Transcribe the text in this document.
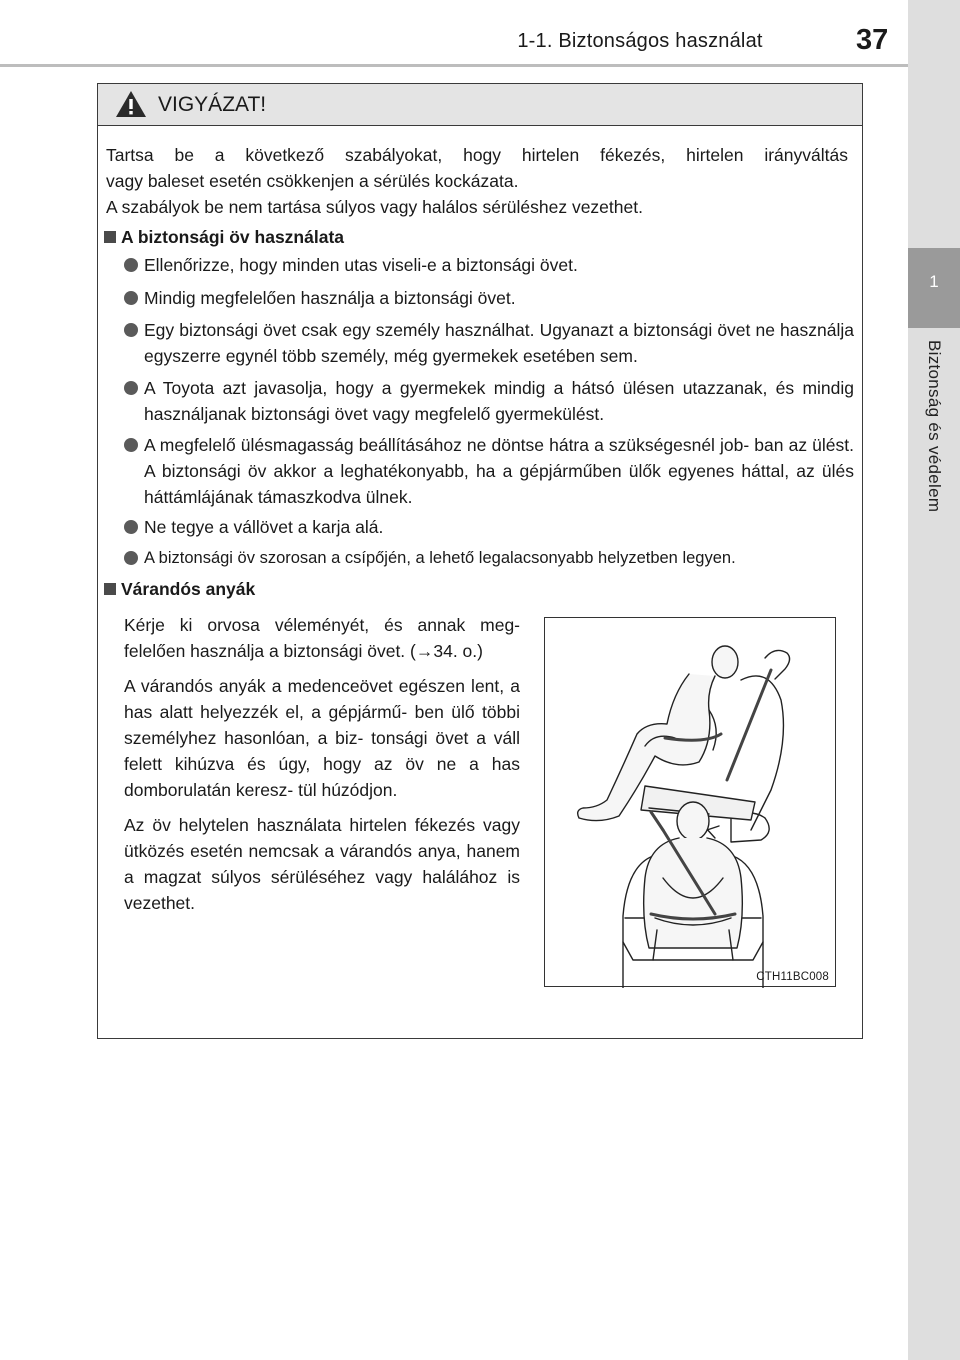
1-1. Biztonságos használat	37
1
Biztonság és védelem
VIGYÁZAT!

Tartsa be a következő szabályokat, hogy hirtelen fékezés, hirtelen irányváltás

vagy baleset esetén csökkenjen a sérülés kockázata.

A szabályok be nem tartása súlyos vagy halálos sérüléshez vezethet.

A biztonsági öv használata
Ellenőrizze, hogy minden utas viseli-e a biztonsági övet.
Mindig megfelelően használja a biztonsági övet.
Egy biztonsági övet csak egy személy használhat. Ugyanazt a biztonsági övet ne használja egyszerre egynél több személy, még gyermekek esetében sem.
A Toyota azt javasolja, hogy a gyermekek mindig a hátsó ülésen utazzanak, és mindig használjanak biztonsági övet vagy megfelelő gyermekülést.
A megfelelő ülésmagasság beállításához ne döntse hátra a szükségesnél job- ban az ülést. A biztonsági öv akkor a leghatékonyabb, ha a gépjárműben ülők egyenes háttal, az ülés háttámlájának támaszkodva ülnek.
Ne tegye a vállövet a karja alá.
A biztonsági öv szorosan a csípőjén, a lehető legalacsonyabb helyzetben legyen.
Várandós anyák

Kérje ki orvosa véleményét, és annak meg- felelően használja a biztonsági övet. (→34. o.)

A várandós anyák a medenceövet egészen lent, a has alatt helyezzék el, a gépjármű- ben ülő többi személyhez hasonlóan, a biz- tonsági övet a váll felett kihúzva és úgy, hogy az öv ne a has domborulatán keresz- tül húzódjon.

Az öv helytelen használata hirtelen fékezés vagy ütközés esetén nemcsak a várandós anya, hanem a magzat súlyos sérüléséhez vagy halálához is vezethet.

CTH11BC008
